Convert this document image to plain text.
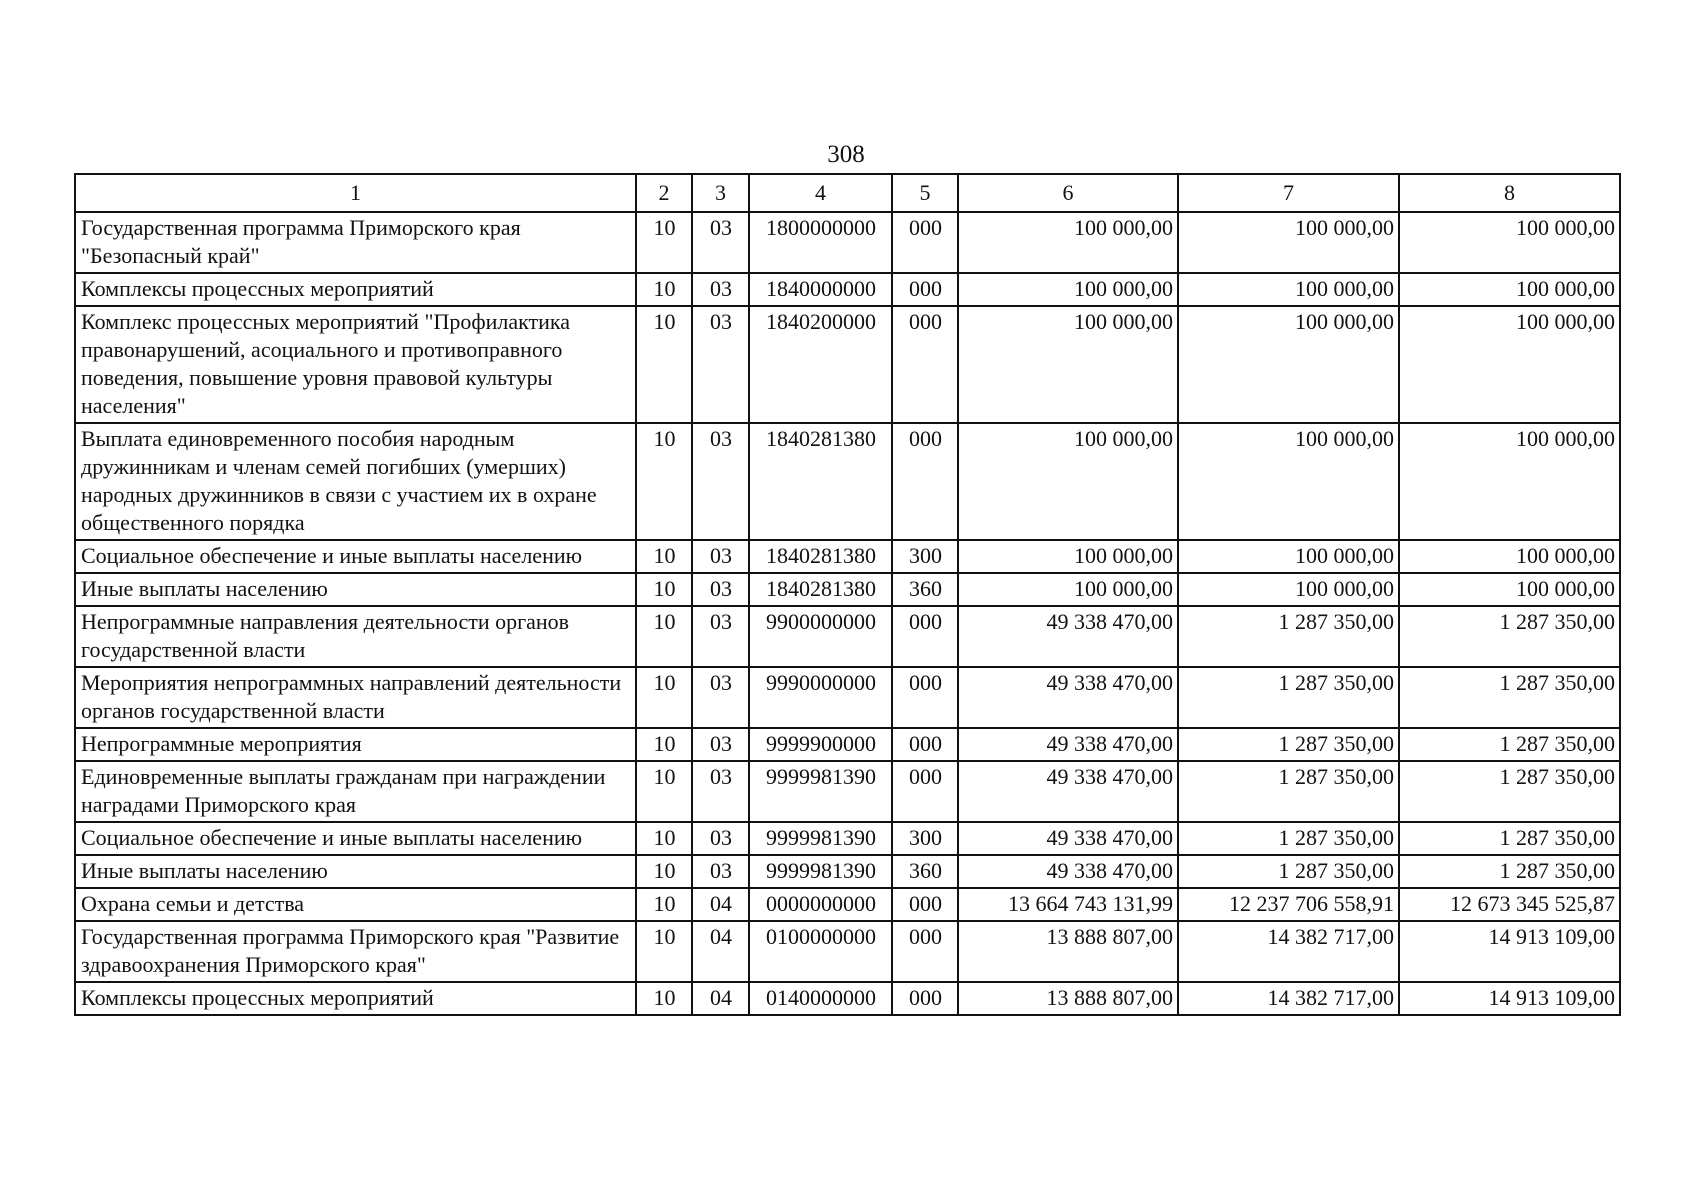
308
1	2	3	4	5	6	7	8
Государственная программа Приморского края "Безопасный край"	10	03	1800000000	000	100 000,00	100 000,00	100 000,00
Комплексы процессных мероприятий	10	03	1840000000	000	100 000,00	100 000,00	100 000,00
Комплекс процессных мероприятий "Профилактика правонарушений, асоциального и противоправного поведения, повышение уровня правовой культуры населения"	10	03	1840200000	000	100 000,00	100 000,00	100 000,00
Выплата единовременного пособия народным дружинникам и членам семей погибших (умерших) народных дружинников в связи с участием их в охране общественного порядка	10	03	1840281380	000	100 000,00	100 000,00	100 000,00
Социальное обеспечение и иные выплаты населению	10	03	1840281380	300	100 000,00	100 000,00	100 000,00
Иные выплаты населению	10	03	1840281380	360	100 000,00	100 000,00	100 000,00
Непрограммные направления деятельности органов государственной власти	10	03	9900000000	000	49 338 470,00	1 287 350,00	1 287 350,00
Мероприятия непрограммных направлений деятельности органов государственной власти	10	03	9990000000	000	49 338 470,00	1 287 350,00	1 287 350,00
Непрограммные мероприятия	10	03	9999900000	000	49 338 470,00	1 287 350,00	1 287 350,00
Единовременные выплаты гражданам при награждении наградами Приморского края	10	03	9999981390	000	49 338 470,00	1 287 350,00	1 287 350,00
Социальное обеспечение и иные выплаты населению	10	03	9999981390	300	49 338 470,00	1 287 350,00	1 287 350,00
Иные выплаты населению	10	03	9999981390	360	49 338 470,00	1 287 350,00	1 287 350,00
Охрана семьи и детства	10	04	0000000000	000	13 664 743 131,99	12 237 706 558,91	12 673 345 525,87
Государственная программа Приморского края "Развитие здравоохранения Приморского края"	10	04	0100000000	000	13 888 807,00	14 382 717,00	14 913 109,00
Комплексы процессных мероприятий	10	04	0140000000	000	13 888 807,00	14 382 717,00	14 913 109,00
